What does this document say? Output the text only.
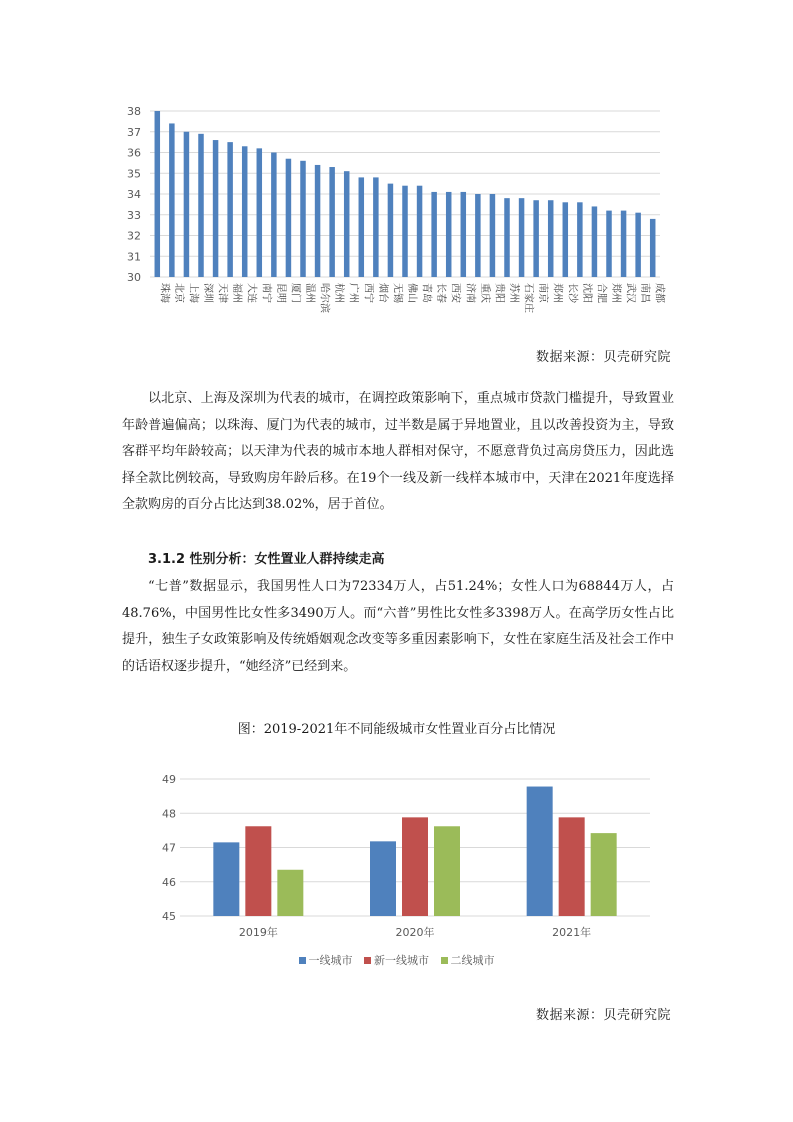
30
31
32
33
34
35
36
37
38
珠海 北京 上海 深圳 天津 福州 大连 南宁 昆明 厦门 温州 哈尔滨 杭州 广州 西宁 烟台 无锡 佛山 青岛 长春 西安 济南 重庆 贵阳 苏州 石家庄 南京 郑州 长沙 沈阳 合肥 郑州 武汉 南昌 成都
数据来源：贝壳研究院

以北京、上海及深圳为代表的城市，在调控政策影响下，重点城市贷款门槛提升，导致置业年龄普遍偏高；以珠海、厦门为代表的城市，过半数是属于异地置业，且以改善投资为主，导致客群平均年龄较高；以天津为代表的城市本地人群相对保守，不愿意背负过高房贷压力，因此选择全款比例较高，导致购房年龄后移。在19个一线及新一线样本城市中，天津在2021年度选择全款购房的百分占比达到38.02%，居于首位。

3.1.2 性别分析：女性置业人群持续走高

“七普”数据显示，我国男性人口为72334万人，占51.24%；女性人口为68844万人，占48.76%，中国男性比女性多3490万人。而“六普”男性比女性多3398万人。在高学历女性占比提升，独生子女政策影响及传统婚姻观念改变等多重因素影响下，女性在家庭生活及社会工作中的话语权逐步提升，“她经济”已经到来。

图：2019-2021年不同能级城市女性置业百分占比情况
45
46
47
48
49
2019年	2020年	2021年
一线城市 新一线城市 二线城市
数据来源：贝壳研究院
